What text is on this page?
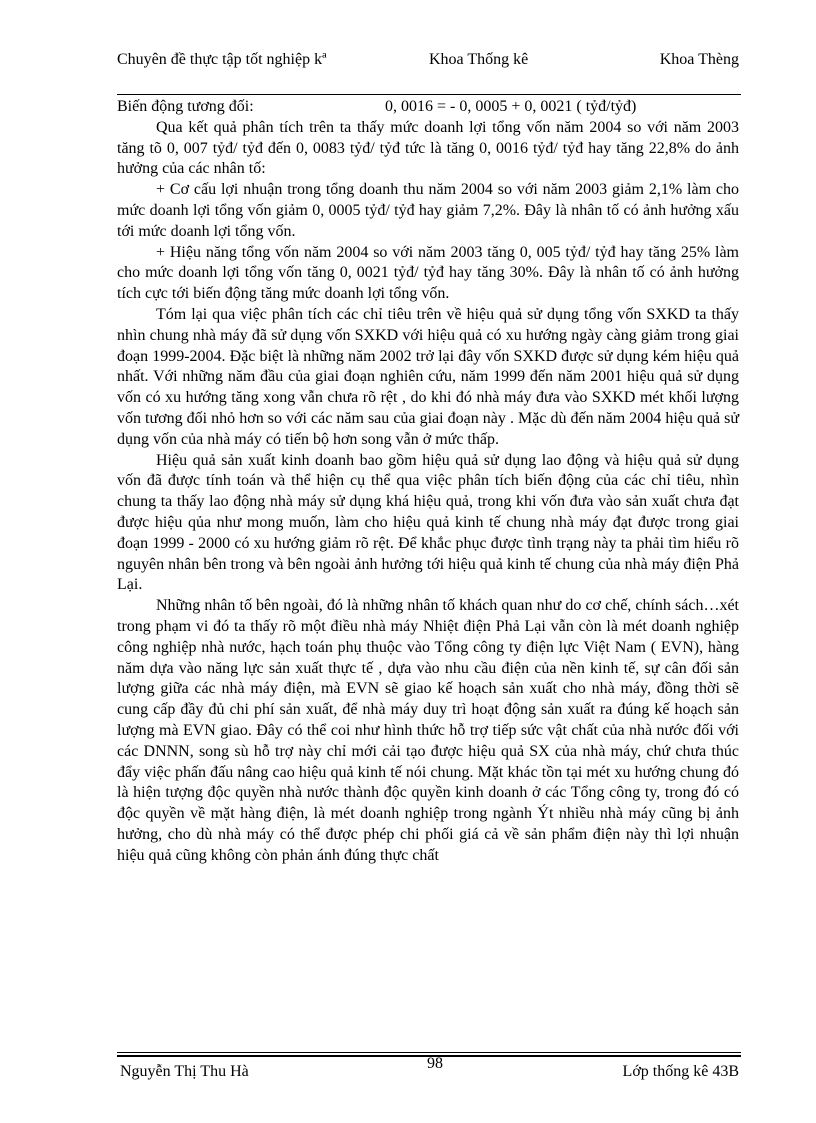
Chuyên đề thực tập tốt nghiệp kª	Khoa Thống kê	Khoa Thèng
Biến động tương đối:	0, 0016 = - 0, 0005 + 0, 0021 ( tỷđ/tỷđ)

Qua kết quả phân tích trên ta thấy mức doanh lợi tổng vốn năm 2004 so với năm 2003 tăng tõ 0, 007 tỷđ/ tỷđ đến 0, 0083 tỷđ/ tỷđ tức là tăng 0, 0016 tỷđ/ tỷđ hay tăng 22,8% do ảnh hưởng của các nhân tố:

+ Cơ cấu lợi nhuận trong tổng doanh thu năm 2004 so với năm 2003 giảm 2,1% làm cho mức doanh lợi tổng vốn giảm 0, 0005 tỷđ/ tỷđ hay giảm 7,2%. Đây là nhân tố có ảnh hưởng xấu tới mức doanh lợi tổng vốn.

+ Hiệu năng tổng vốn năm 2004 so với năm 2003 tăng 0, 005 tỷđ/ tỷđ hay tăng 25% làm cho mức doanh lợi tổng vốn tăng 0, 0021 tỷđ/ tỷđ hay tăng 30%. Đây là nhân tố có ảnh hưởng tích cực tới biến động tăng mức doanh lợi tổng vốn.

Tóm lại qua việc phân tích các chỉ tiêu trên về hiệu quả sử dụng tổng vốn SXKD ta thấy nhìn chung nhà máy đã sử dụng vốn SXKD với hiệu quả có xu hướng ngày càng giảm trong giai đoạn 1999-2004. Đặc biệt là những năm 2002 trở lại đây vốn SXKD được sử dụng kém hiệu quả nhất. Với những năm đầu của giai đoạn nghiên cứu, năm 1999 đến năm 2001 hiệu quả sử dụng vốn có xu hướng tăng xong vẫn chưa rõ rệt , do khi đó nhà máy đưa vào SXKD mét khối lượng vốn tương đối nhỏ hơn so với các năm sau của giai đoạn này . Mặc dù đến năm 2004 hiệu quả sử dụng vốn của nhà máy có tiến bộ hơn song vẫn ở mức thấp.

Hiệu quả sản xuất kinh doanh bao gồm hiệu quả sử dụng lao động và hiệu quả sử dụng vốn đã được tính toán và thể hiện cụ thể qua việc phân tích biến động của các chỉ tiêu, nhìn chung ta thấy lao động nhà máy sử dụng khá hiệu quả, trong khi vốn đưa vào sản xuất chưa đạt được hiệu qủa như mong muốn, làm cho hiệu quả kinh tế chung nhà máy đạt được trong giai đoạn 1999 - 2000 có xu hướng giảm rõ rệt. Để khắc phục được tình trạng này ta phải tìm hiểu rõ nguyên nhân bên trong và bên ngoài ảnh hưởng tới hiệu quả kinh tế chung của nhà máy điện Phả Lại.

Những nhân tố bên ngoài, đó là những nhân tố khách quan như do cơ chế, chính sách…xét trong phạm vi đó ta thấy rõ một điều nhà máy Nhiệt điện Phả Lại vẫn còn là mét doanh nghiệp công nghiệp nhà nước, hạch toán phụ thuộc vào Tổng công ty điện lực Việt Nam ( EVN), hàng năm dựa vào năng lực sản xuất thực tế , dựa vào nhu cầu điện của nền kinh tế, sự cân đối sản lượng giữa các nhà máy điện, mà EVN sẽ giao kế hoạch sản xuất cho nhà máy, đồng thời sẽ cung cấp đầy đủ chi phí sản xuất, để nhà máy duy trì hoạt động sản xuất ra đúng kế hoạch sản lượng mà EVN giao. Đây có thể coi như hình thức hỗ trợ tiếp sức vật chất của nhà nước đối với các DNNN, song sù hỗ trợ này chỉ mới cải tạo được hiệu quả SX của nhà máy, chứ chưa thúc đẩy việc phấn đấu nâng cao hiệu quả kinh tế nói chung. Mặt khác tồn tại mét xu hướng chung đó là hiện tượng độc quyền nhà nước thành độc quyền kinh doanh ở các Tổng công ty, trong đó có độc quyền về mặt hàng điện, là mét doanh nghiệp trong ngành Ýt nhiều nhà máy cũng bị ảnh hưởng, cho dù nhà máy có thể được phép chi phối giá cả về sản phẩm điện này thì lợi nhuận hiệu quả cũng không còn phản ánh đúng thực chất

Nguyễn Thị Thu Hà	98	Lớp thống kê 43B
